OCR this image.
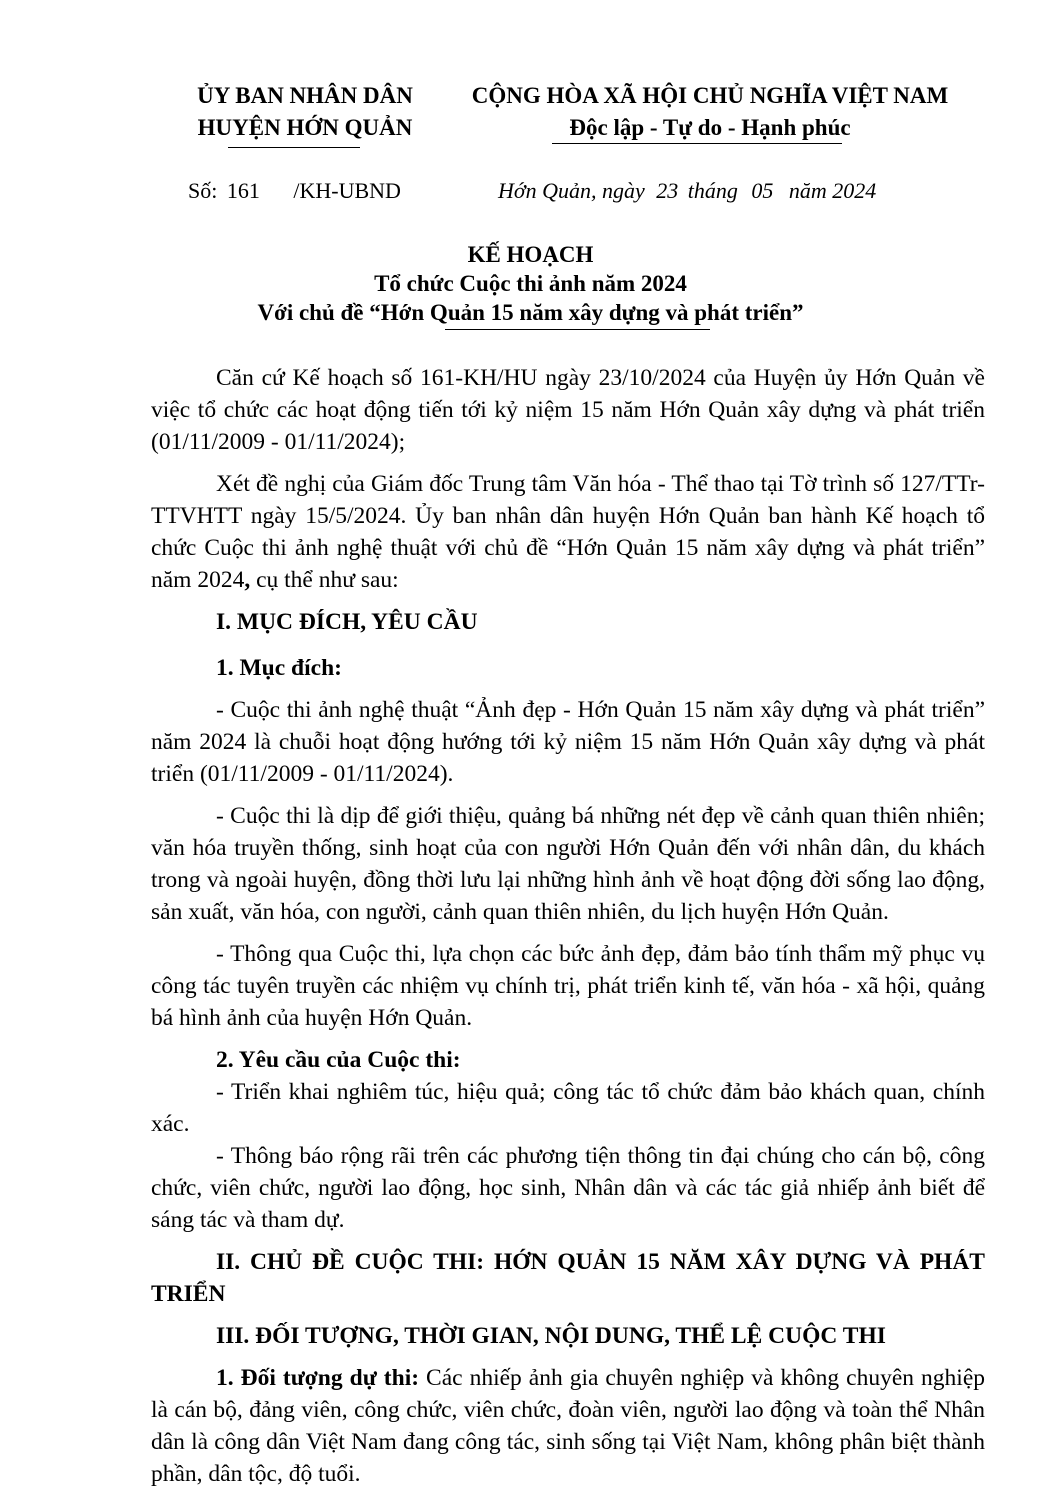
ỦY BAN NHÂN DÂN
HUYỆN HỚN QUẢN
CỘNG HÒA XÃ HỘI CHỦ NGHĨA VIỆT NAM
Độc lập - Tự do - Hạnh phúc
Số: 161 /KH-UBND	Hớn Quản, ngày 23 tháng 05 năm 2024
KẾ HOẠCH
Tổ chức Cuộc thi ảnh năm 2024
Với chủ đề “Hớn Quản 15 năm xây dựng và phát triển”

Căn cứ Kế hoạch số 161-KH/HU ngày 23/10/2024 của Huyện ủy Hớn Quản về việc tổ chức các hoạt động tiến tới kỷ niệm 15 năm Hớn Quản xây dựng và phát triển (01/11/2009 - 01/11/2024);

Xét đề nghị của Giám đốc Trung tâm Văn hóa - Thể thao tại Tờ trình số 127/TTr-TTVHTT ngày 15/5/2024. Ủy ban nhân dân huyện Hớn Quản ban hành Kế hoạch tổ chức Cuộc thi ảnh nghệ thuật với chủ đề “Hớn Quản 15 năm xây dựng và phát triển” năm 2024, cụ thể như sau:

I. MỤC ĐÍCH, YÊU CẦU

1. Mục đích:

- Cuộc thi ảnh nghệ thuật “Ảnh đẹp - Hớn Quản 15 năm xây dựng và phát triển” năm 2024 là chuỗi hoạt động hướng tới kỷ niệm 15 năm Hớn Quản xây dựng và phát triển (01/11/2009 - 01/11/2024).

- Cuộc thi là dịp để giới thiệu, quảng bá những nét đẹp về cảnh quan thiên nhiên; văn hóa truyền thống, sinh hoạt của con người Hớn Quản đến với nhân dân, du khách trong và ngoài huyện, đồng thời lưu lại những hình ảnh về hoạt động đời sống lao động, sản xuất, văn hóa, con người, cảnh quan thiên nhiên, du lịch huyện Hớn Quản.

- Thông qua Cuộc thi, lựa chọn các bức ảnh đẹp, đảm bảo tính thẩm mỹ phục vụ công tác tuyên truyền các nhiệm vụ chính trị, phát triển kinh tế, văn hóa - xã hội, quảng bá hình ảnh của huyện Hớn Quản.

2. Yêu cầu của Cuộc thi:

- Triển khai nghiêm túc, hiệu quả; công tác tổ chức đảm bảo khách quan, chính xác.

- Thông báo rộng rãi trên các phương tiện thông tin đại chúng cho cán bộ, công chức, viên chức, người lao động, học sinh, Nhân dân và các tác giả nhiếp ảnh biết để sáng tác và tham dự.

II. CHỦ ĐỀ CUỘC THI: HỚN QUẢN 15 NĂM XÂY DỰNG VÀ PHÁT TRIỂN

III. ĐỐI TƯỢNG, THỜI GIAN, NỘI DUNG, THỂ LỆ CUỘC THI

1. Đối tượng dự thi: Các nhiếp ảnh gia chuyên nghiệp và không chuyên nghiệp là cán bộ, đảng viên, công chức, viên chức, đoàn viên, người lao động và toàn thể Nhân dân là công dân Việt Nam đang công tác, sinh sống tại Việt Nam, không phân biệt thành phần, dân tộc, độ tuổi.
